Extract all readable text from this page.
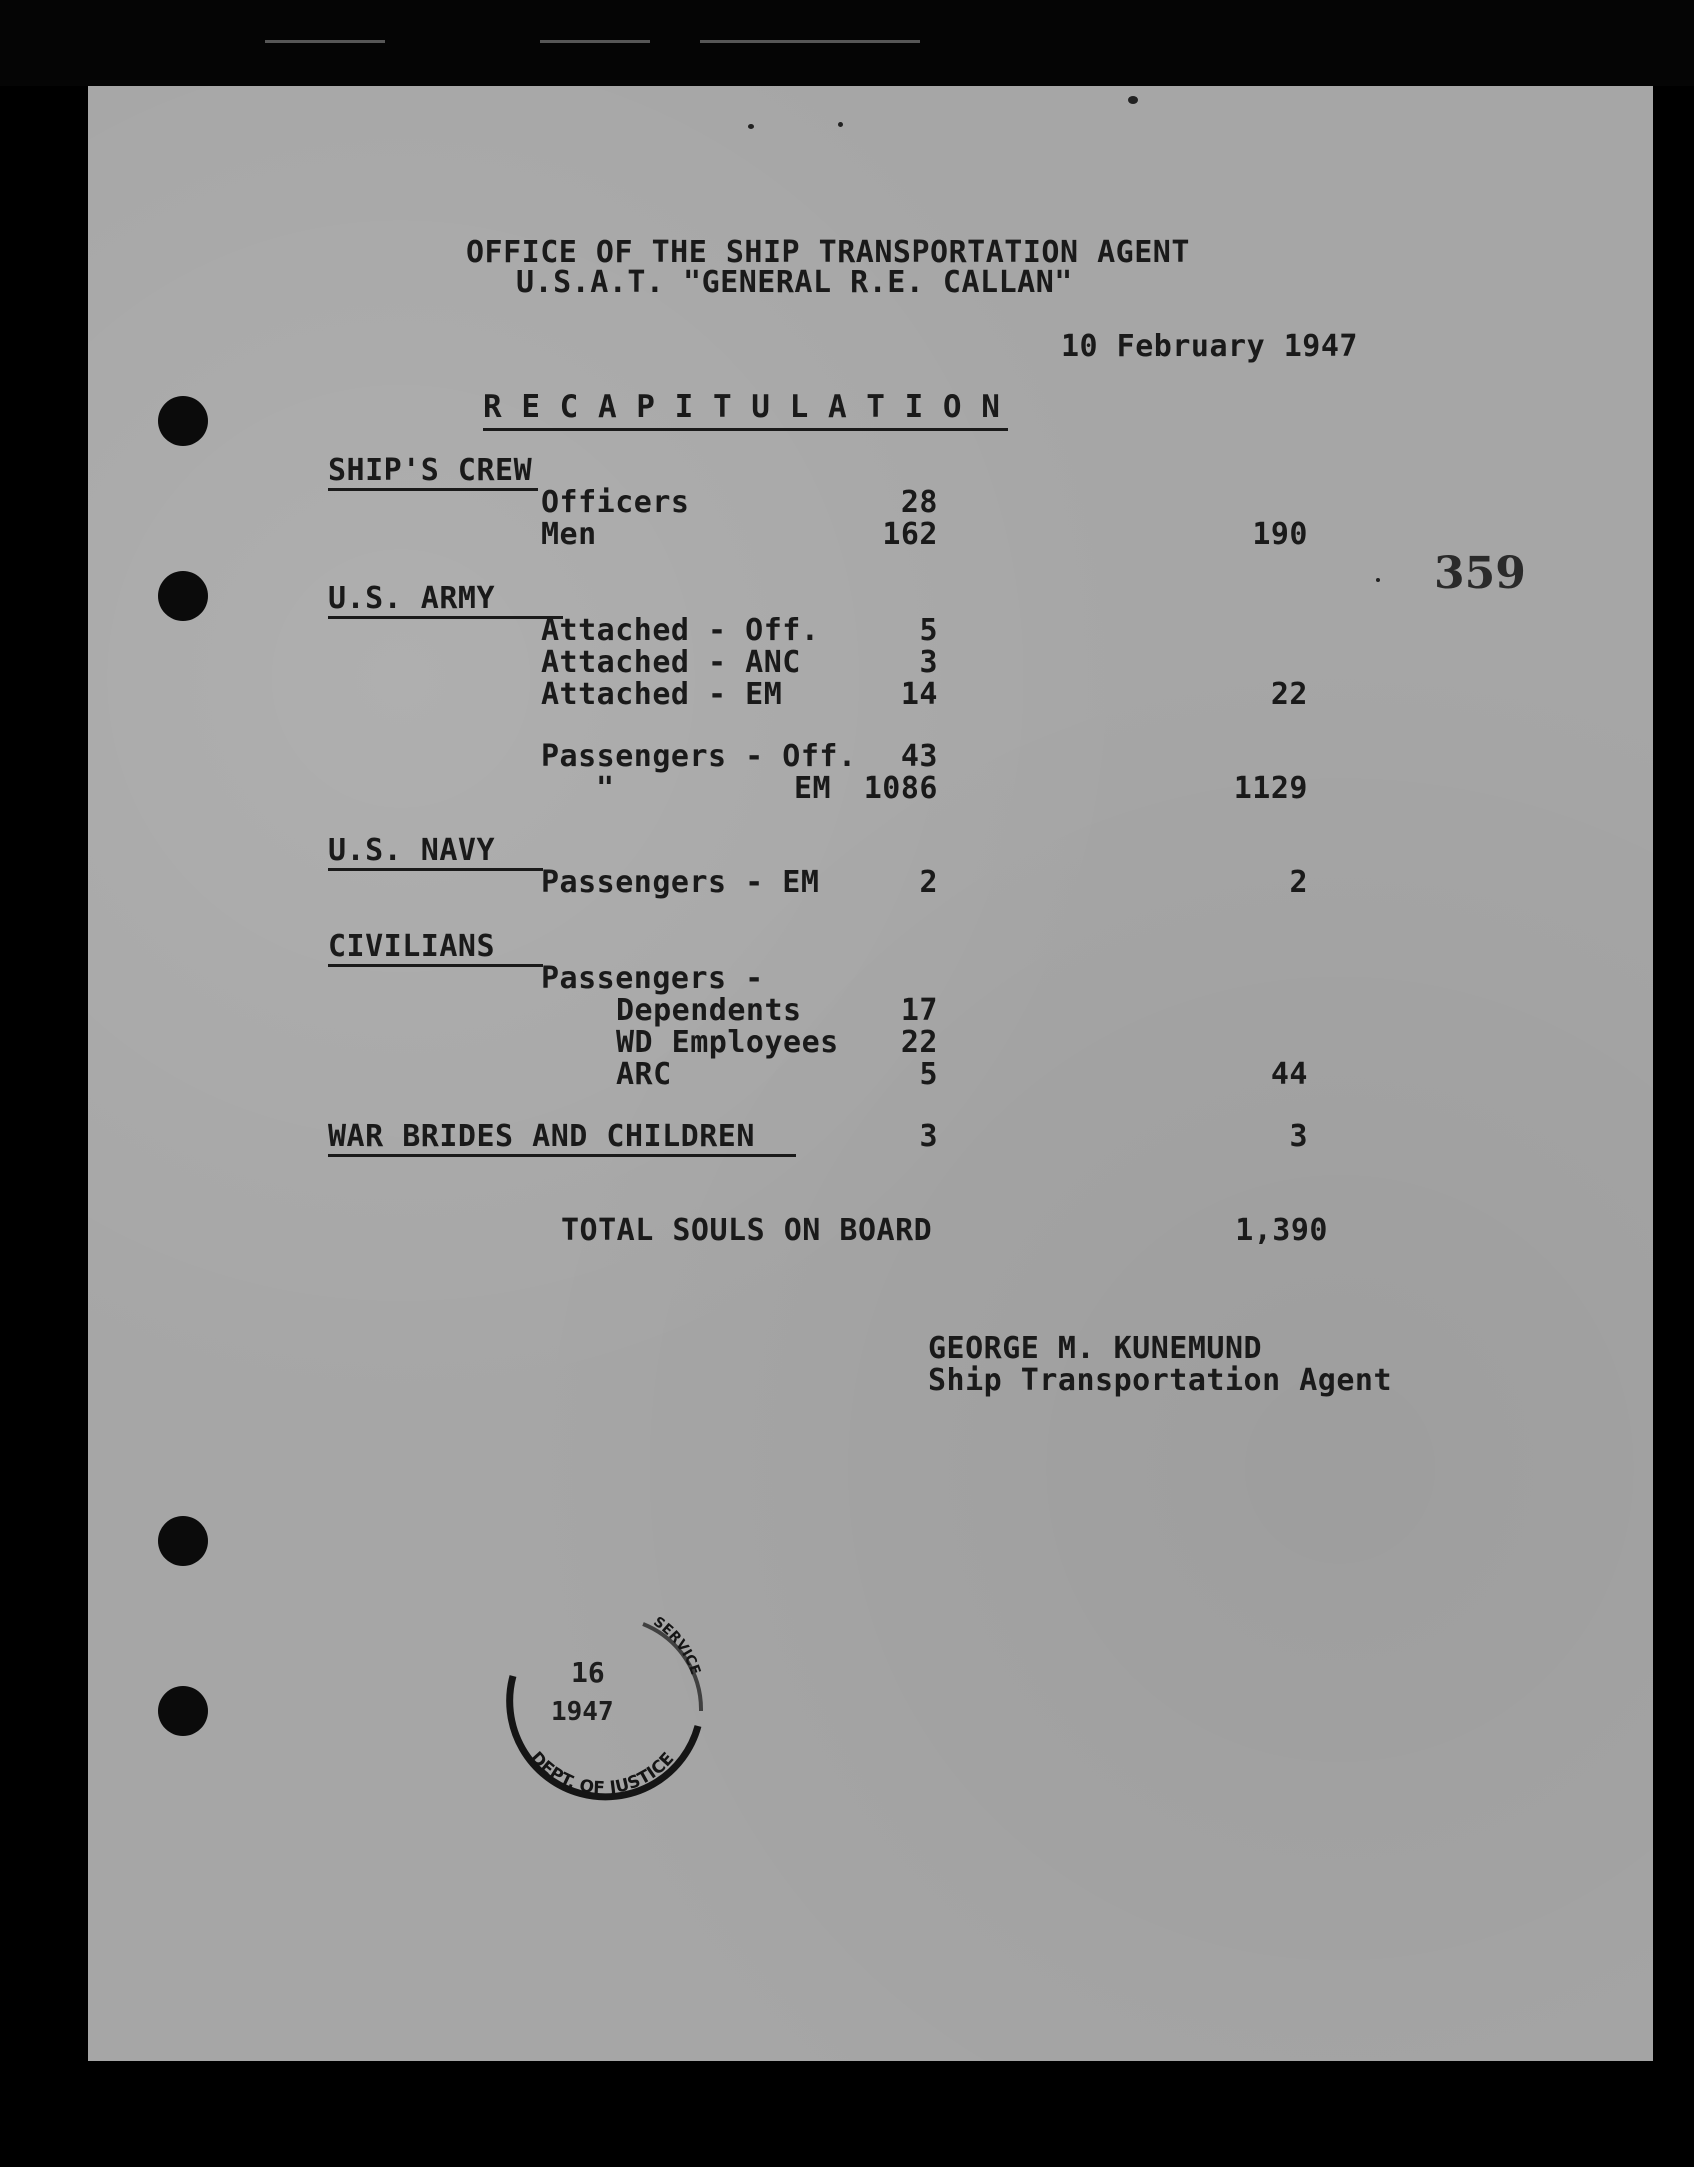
OFFICE OF THE SHIP TRANSPORTATION AGENT

U.S.A.T. "GENERAL R.E. CALLAN"

10 February 1947

359

R E C A P I T U L A T I O N

SHIP'S CREW

Officers	28

Men	162	190

U.S. ARMY

Attached - Off.	5

Attached - ANC	3

Attached - EM	14	22

Passengers - Off.	43

"	EM	1086	1129

U.S. NAVY

Passengers - EM	2	2

CIVILIANS

Passengers -

Dependents	17

WD Employees	22

ARC	5	44

WAR BRIDES AND CHILDREN	3	3

TOTAL SOULS ON BOARD	1,390

GEORGE M. KUNEMUND

Ship Transportation Agent

DEPT. OF JUSTICE
SERVICE
16
1947
